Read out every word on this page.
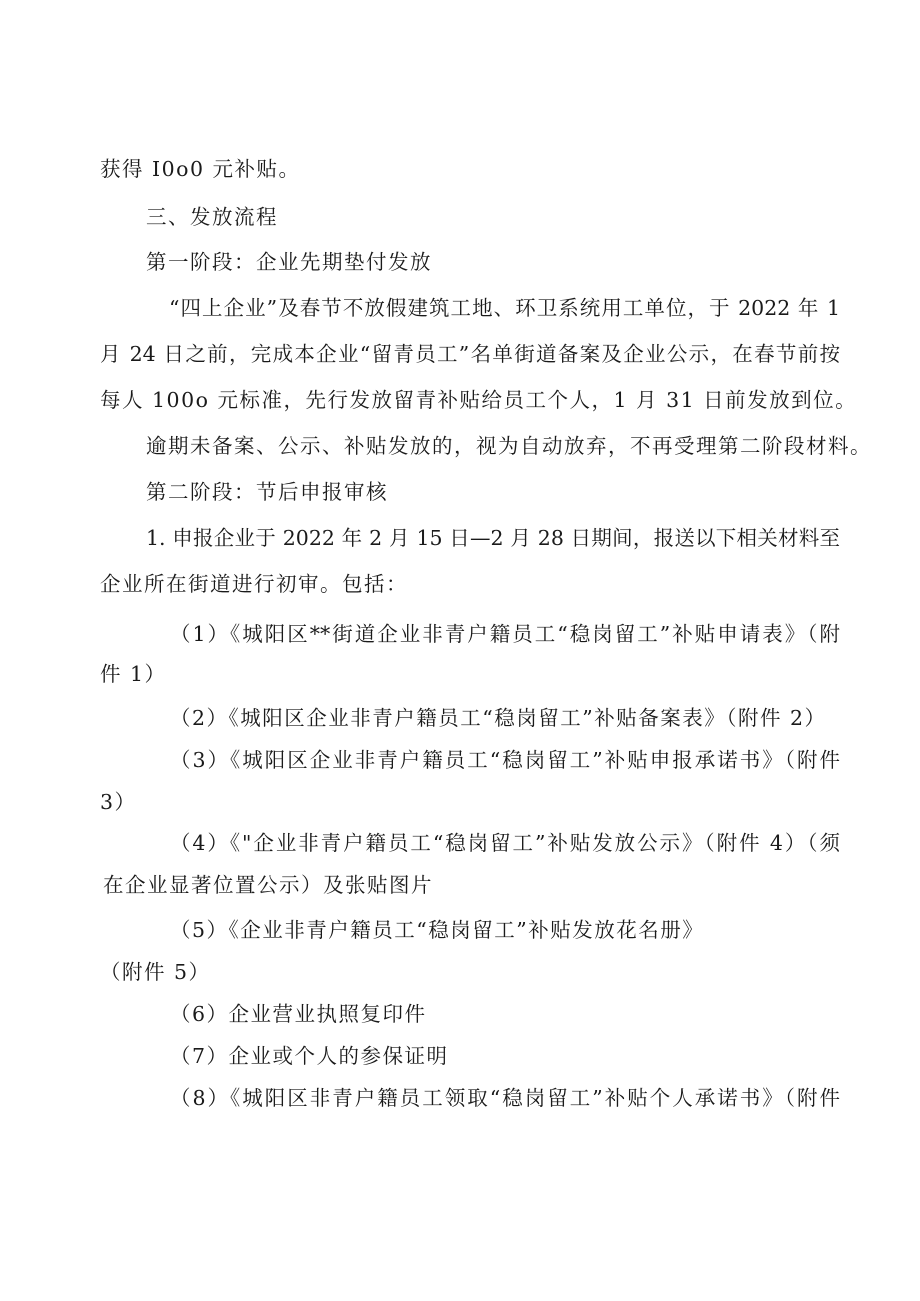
获得 I0o0 元补贴。
三、发放流程
第一阶段：企业先期垫付发放
“四上企业”及春节不放假建筑工地、环卫系统用工单位，于 2022 年 1
月 24 日之前，完成本企业“留青员工”名单街道备案及企业公示，在春节前按
每人 100o 元标准，先行发放留青补贴给员工个人，1 月 31 日前发放到位。
逾期未备案、公示、补贴发放的，视为自动放弃，不再受理第二阶段材料。
第二阶段：节后申报审核
1. 申报企业于 2022 年 2 月 15 日—2 月 28 日期间，报送以下相关材料至
企业所在街道进行初审。包括：
（1）《城阳区**街道企业非青户籍员工“稳岗留工”补贴申请表》（附
件 1）
（2）《城阳区企业非青户籍员工“稳岗留工”补贴备案表》（附件 2）
（3）《城阳区企业非青户籍员工“稳岗留工”补贴申报承诺书》（附件
3）
（4）《"企业非青户籍员工“稳岗留工”补贴发放公示》（附件 4）（须
在企业显著位置公示）及张贴图片
（5）《企业非青户籍员工“稳岗留工”补贴发放花名册》
（附件 5）
（6）企业营业执照复印件
（7）企业或个人的参保证明
（8）《城阳区非青户籍员工领取“稳岗留工”补贴个人承诺书》（附件
